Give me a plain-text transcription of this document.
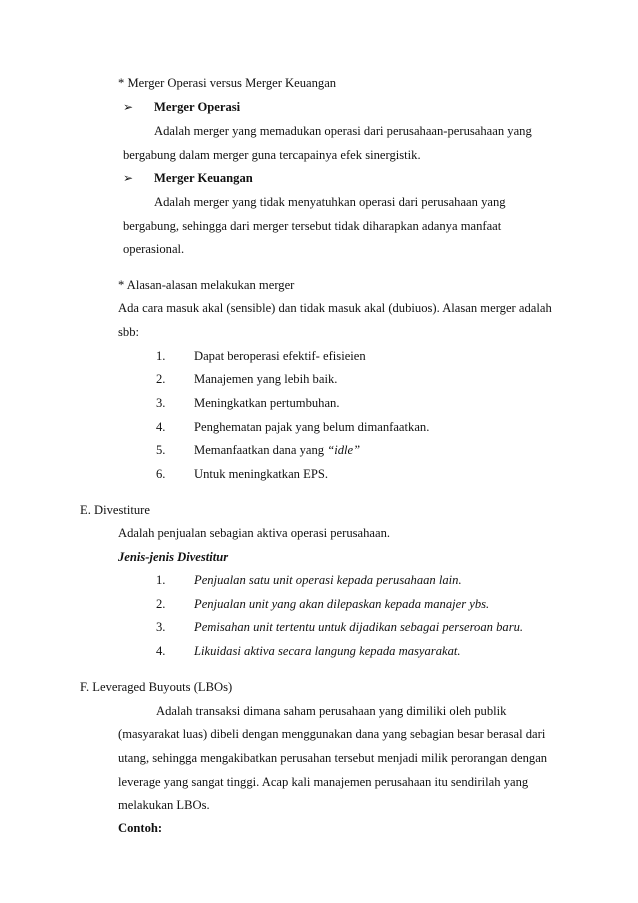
* Merger Operasi versus Merger Keuangan
➢ Merger Operasi
Adalah merger yang memadukan operasi dari perusahaan-perusahaan yang
bergabung dalam merger guna tercapainya efek sinergistik.
➢ Merger Keuangan
Adalah merger yang tidak menyatuhkan operasi dari perusahaan yang
bergabung, sehingga dari merger tersebut tidak diharapkan adanya manfaat
operasional.
* Alasan-alasan melakukan merger
Ada cara masuk akal (sensible) dan tidak masuk akal (dubiuos). Alasan merger adalah
sbb:
1. Dapat beroperasi efektif- efisieien
2. Manajemen yang lebih baik.
3. Meningkatkan pertumbuhan.
4. Penghematan pajak yang belum dimanfaatkan.
5. Memanfaatkan dana yang “idle”
6. Untuk meningkatkan EPS.
E. Divestiture
Adalah penjualan sebagian aktiva operasi perusahaan.
Jenis-jenis Divestitur
1. Penjualan satu unit operasi kepada perusahaan lain.
2. Penjualan unit yang akan dilepaskan kepada manajer ybs.
3. Pemisahan unit tertentu untuk dijadikan sebagai perseroan baru.
4. Likuidasi aktiva secara langung kepada masyarakat.
F. Leveraged Buyouts (LBOs)
Adalah transaksi dimana saham perusahaan yang dimiliki oleh publik
(masyarakat luas) dibeli dengan menggunakan dana yang sebagian besar berasal dari
utang, sehingga mengakibatkan perusahan tersebut menjadi milik perorangan dengan
leverage yang sangat tinggi. Acap kali manajemen perusahaan itu sendirilah yang
melakukan LBOs.
Contoh:
